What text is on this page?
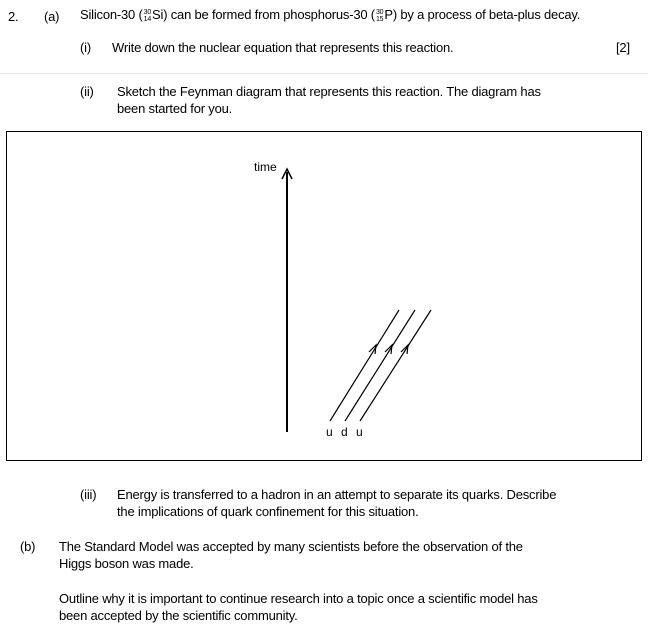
2. (a) Silicon-30 ( 30
14 Si) can be formed from phosphorus-30 ( 30
15 P) by a process of beta-plus decay.
(i) Write down the nuclear equation that represents this reaction.	[2]
(ii) Sketch the Feynman diagram that represents this reaction. The diagram has
been started for you.
time
u d u
(iii) Energy is transferred to a hadron in an attempt to separate its quarks. Describe
the implications of quark confinement for this situation.
(b) The Standard Model was accepted by many scientists before the observation of the
Higgs boson was made.
Outline why it is important to continue research into a topic once a scientific model has
been accepted by the scientific community.
